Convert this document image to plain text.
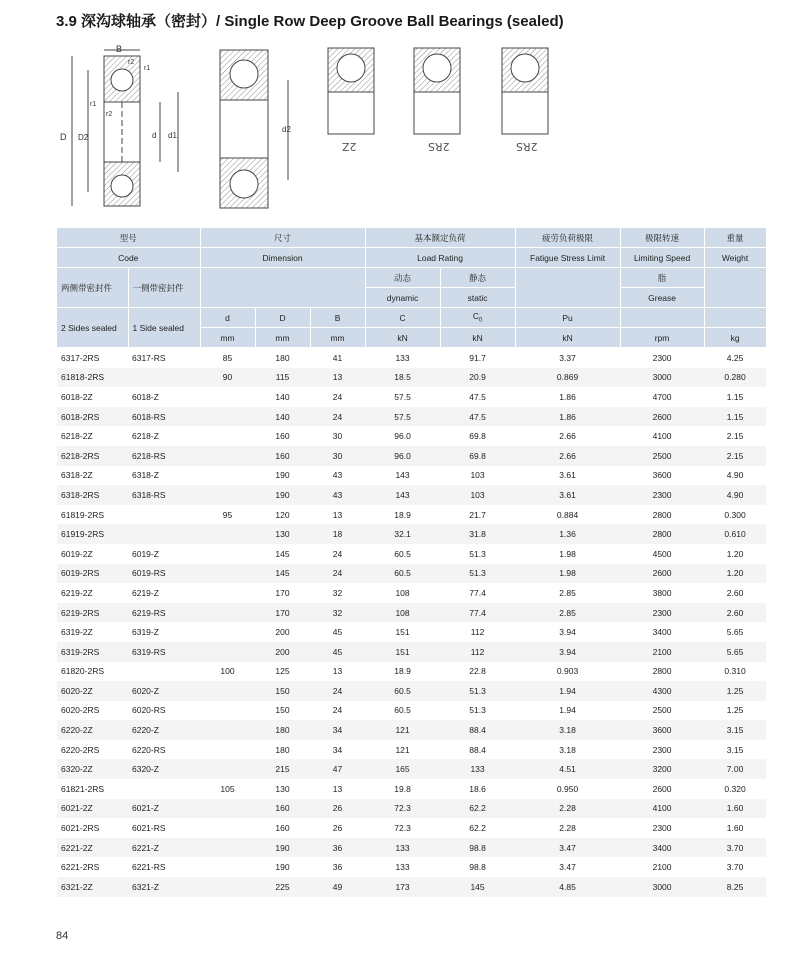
3.9 深沟球轴承（密封）/ Single Row Deep Groove Ball Bearings (sealed)
B
r2
r1
r1
r2
D D2	d d1
d2
2Z	2RS	2RS
型号		尺寸			基本额定负荷		疲劳负荷极限	极限转速	重量
Code		Dimension			Load Rating		Fatigue Stress Limit	Limiting Speed	Weight
两侧带密封件	一侧带密封件				动态	静态		脂	
					dynamic	static		Grease	
2 Sides sealed	1 Side sealed	d	D	B	C	$C_0$	Pu		
		mm	mm	mm	kN	kN	kN	rpm	kg
6317-2RS	6317-RS	85	180	41	133	91.7	3.37	2300	4.25
61818-2RS		90	115	13	18.5	20.9	0.869	3000	0.280
6018-2Z	6018-Z		140	24	57.5	47.5	1.86	4700	1.15
6018-2RS	6018-RS		140	24	57.5	47.5	1.86	2600	1.15
6218-2Z	6218-Z		160	30	96.0	69.8	2.66	4100	2.15
6218-2RS	6218-RS		160	30	96.0	69.8	2.66	2500	2.15
6318-2Z	6318-Z		190	43	143	103	3.61	3600	4.90
6318-2RS	6318-RS		190	43	143	103	3.61	2300	4.90
61819-2RS		95	120	13	18.9	21.7	0.884	2800	0.300
61919-2RS			130	18	32.1	31.8	1.36	2800	0.610
6019-2Z	6019-Z		145	24	60.5	51.3	1.98	4500	1.20
6019-2RS	6019-RS		145	24	60.5	51.3	1.98	2600	1.20
6219-2Z	6219-Z		170	32	108	77.4	2.85	3800	2.60
6219-2RS	6219-RS		170	32	108	77.4	2.85	2300	2.60
6319-2Z	6319-Z		200	45	151	112	3.94	3400	5.65
6319-2RS	6319-RS		200	45	151	112	3.94	2100	5.65
61820-2RS		100	125	13	18.9	22.8	0.903	2800	0.310
6020-2Z	6020-Z		150	24	60.5	51.3	1.94	4300	1.25
6020-2RS	6020-RS		150	24	60.5	51.3	1.94	2500	1.25
6220-2Z	6220-Z		180	34	121	88.4	3.18	3600	3.15
6220-2RS	6220-RS		180	34	121	88.4	3.18	2300	3.15
6320-2Z	6320-Z		215	47	165	133	4.51	3200	7.00
61821-2RS		105	130	13	19.8	18.6	0.950	2600	0.320
6021-2Z	6021-Z		160	26	72.3	62.2	2.28	4100	1.60
6021-2RS	6021-RS		160	26	72.3	62.2	2.28	2300	1.60
6221-2Z	6221-Z		190	36	133	98.8	3.47	3400	3.70
6221-2RS	6221-RS		190	36	133	98.8	3.47	2100	3.70
6321-2Z	6321-Z		225	49	173	145	4.85	3000	8.25
84
